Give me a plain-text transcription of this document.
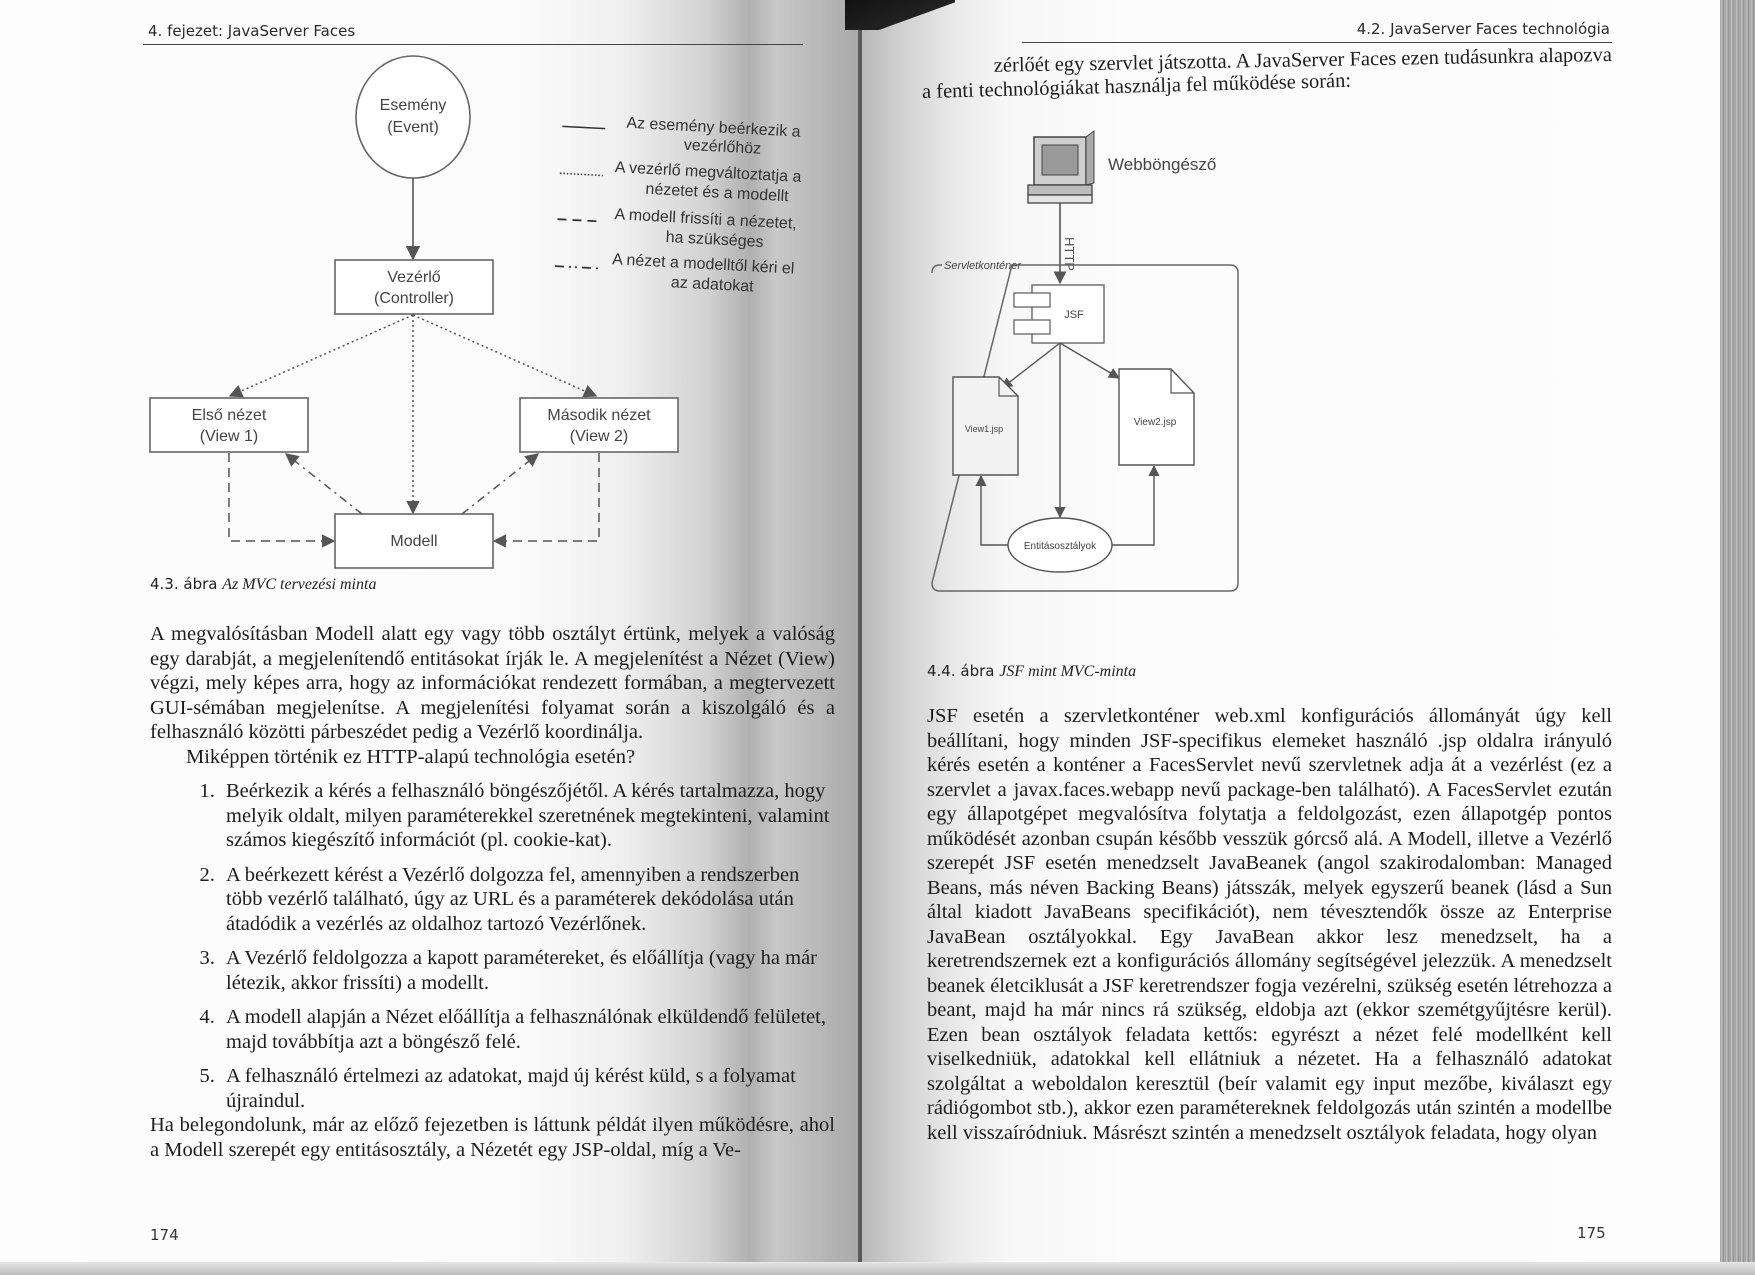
4. fejezet: JavaServer Faces
Esemény
(Event)
Vezérlő
(Controller)
Első nézet
(View 1)
Második nézet
(View 2)
Modell
Az esemény beérkezik a
vezérlőhöz
A vezérlő megváltoztatja a
nézetet és a modellt
A modell frissíti a nézetet,
ha szükséges
A nézet a modelltől kéri el
az adatokat
4.3. ábra Az MVC tervezési minta

A megvalósításban Modell alatt egy vagy több osztályt értünk, melyek a valóság egy darabját, a megjelenítendő entitásokat írják le. A megjelenítést a Nézet (View) végzi, mely képes arra, hogy az információkat rendezett formában, a megtervezett GUI-sémában megjelenítse. A megjelenítési folyamat során a kiszolgáló és a felhasználó közötti párbeszédet pedig a Vezérlő koordinálja.

Miképpen történik ez HTTP-alapú technológia esetén?

1. Beérkezik a kérés a felhasználó böngészőjétől. A kérés tartalmazza, hogy melyik oldalt, milyen paraméterekkel szeretnének megtekinteni, valamint számos kiegészítő információt (pl. cookie-kat).
2. A beérkezett kérést a Vezérlő dolgozza fel, amennyiben a rendszerben több vezérlő található, úgy az URL és a paraméterek dekódolása után átadódik a vezérlés az oldalhoz tartozó Vezérlőnek.
3. A Vezérlő feldolgozza a kapott paramétereket, és előállítja (vagy ha már létezik, akkor frissíti) a modellt.
4. A modell alapján a Nézet előállítja a felhasználónak elküldendő felületet, majd továbbítja azt a böngésző felé.
5. A felhasználó értelmezi az adatokat, majd új kérést küld, s a folyamat újraindul.

Ha belegondolunk, már az előző fejezetben is láttunk példát ilyen működésre, ahol a Modell szerepét egy entitásosztály, a Nézetét egy JSP-oldal, míg a Ve-

174
4.2. JavaServer Faces technológia
zérlőét egy szervlet játszotta. A JavaServer Faces ezen tudásunkra alapozva
a fenti technológiákat használja fel működése során:
Webböngésző
HTTP
Servletkonténer
JSF
View1.jsp
View2.jsp
Entitásosztályok
4.4. ábra JSF mint MVC-minta

JSF esetén a szervletkonténer web.xml konfigurációs állományát úgy kell beállítani, hogy minden JSF-specifikus elemeket használó .jsp oldalra irányuló kérés esetén a konténer a FacesServlet nevű szervletnek adja át a vezérlést (ez a szervlet a javax.faces.webapp nevű package-ben található). A FacesServlet ezután egy állapotgépet megvalósítva folytatja a feldolgozást, ezen állapotgép pontos működését azonban csupán később vesszük górcső alá. A Modell, illetve a Vezérlő szerepét JSF esetén menedzselt JavaBeanek (angol szakirodalomban: Managed Beans, más néven Backing Beans) játsszák, melyek egyszerű beanek (lásd a Sun által kiadott JavaBeans specifikációt), nem tévesztendők össze az Enterprise JavaBean osztályokkal. Egy JavaBean akkor lesz menedzselt, ha a keretrendszernek ezt a konfigurációs állomány segítségével jelezzük. A menedzselt beanek életciklusát a JSF keretrendszer fogja vezérelni, szükség esetén létrehozza a beant, majd ha már nincs rá szükség, eldobja azt (ekkor szemétgyűjtésre kerül). Ezen bean osztályok feladata kettős: egyrészt a nézet felé modellként kell viselkedniük, adatokkal kell ellátniuk a nézetet. Ha a felhasználó adatokat szolgáltat a weboldalon keresztül (beír valamit egy input mezőbe, kiválaszt egy rádiógombot stb.), akkor ezen paramétereknek feldolgozás után szintén a modellbe kell visszaíródniuk. Másrészt szintén a menedzselt osztályok feladata, hogy olyan

175
